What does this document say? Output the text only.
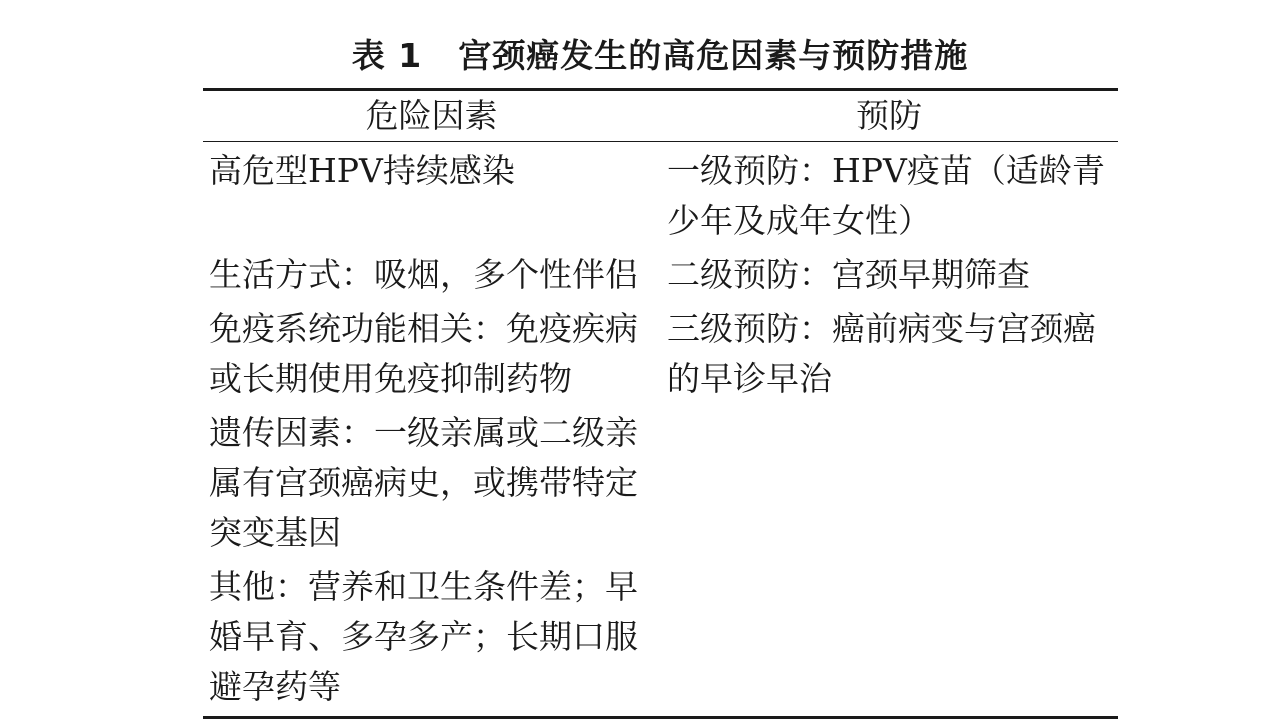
表 1 宫颈癌发生的高危因素与预防措施
危险因素	预防
高危型HPV持续感染	一级预防：HPV疫苗（适龄青少年及成年女性）
生活方式：吸烟，多个性伴侣 二级预防：宫颈早期筛查
免疫系统功能相关：免疫疾病或长期使用免疫抑制药物
三级预防：癌前病变与宫颈癌的早诊早治
遗传因素：一级亲属或二级亲属有宫颈癌病史，或携带特定突变基因
其他：营养和卫生条件差；早婚早育、多孕多产；长期口服避孕药等
